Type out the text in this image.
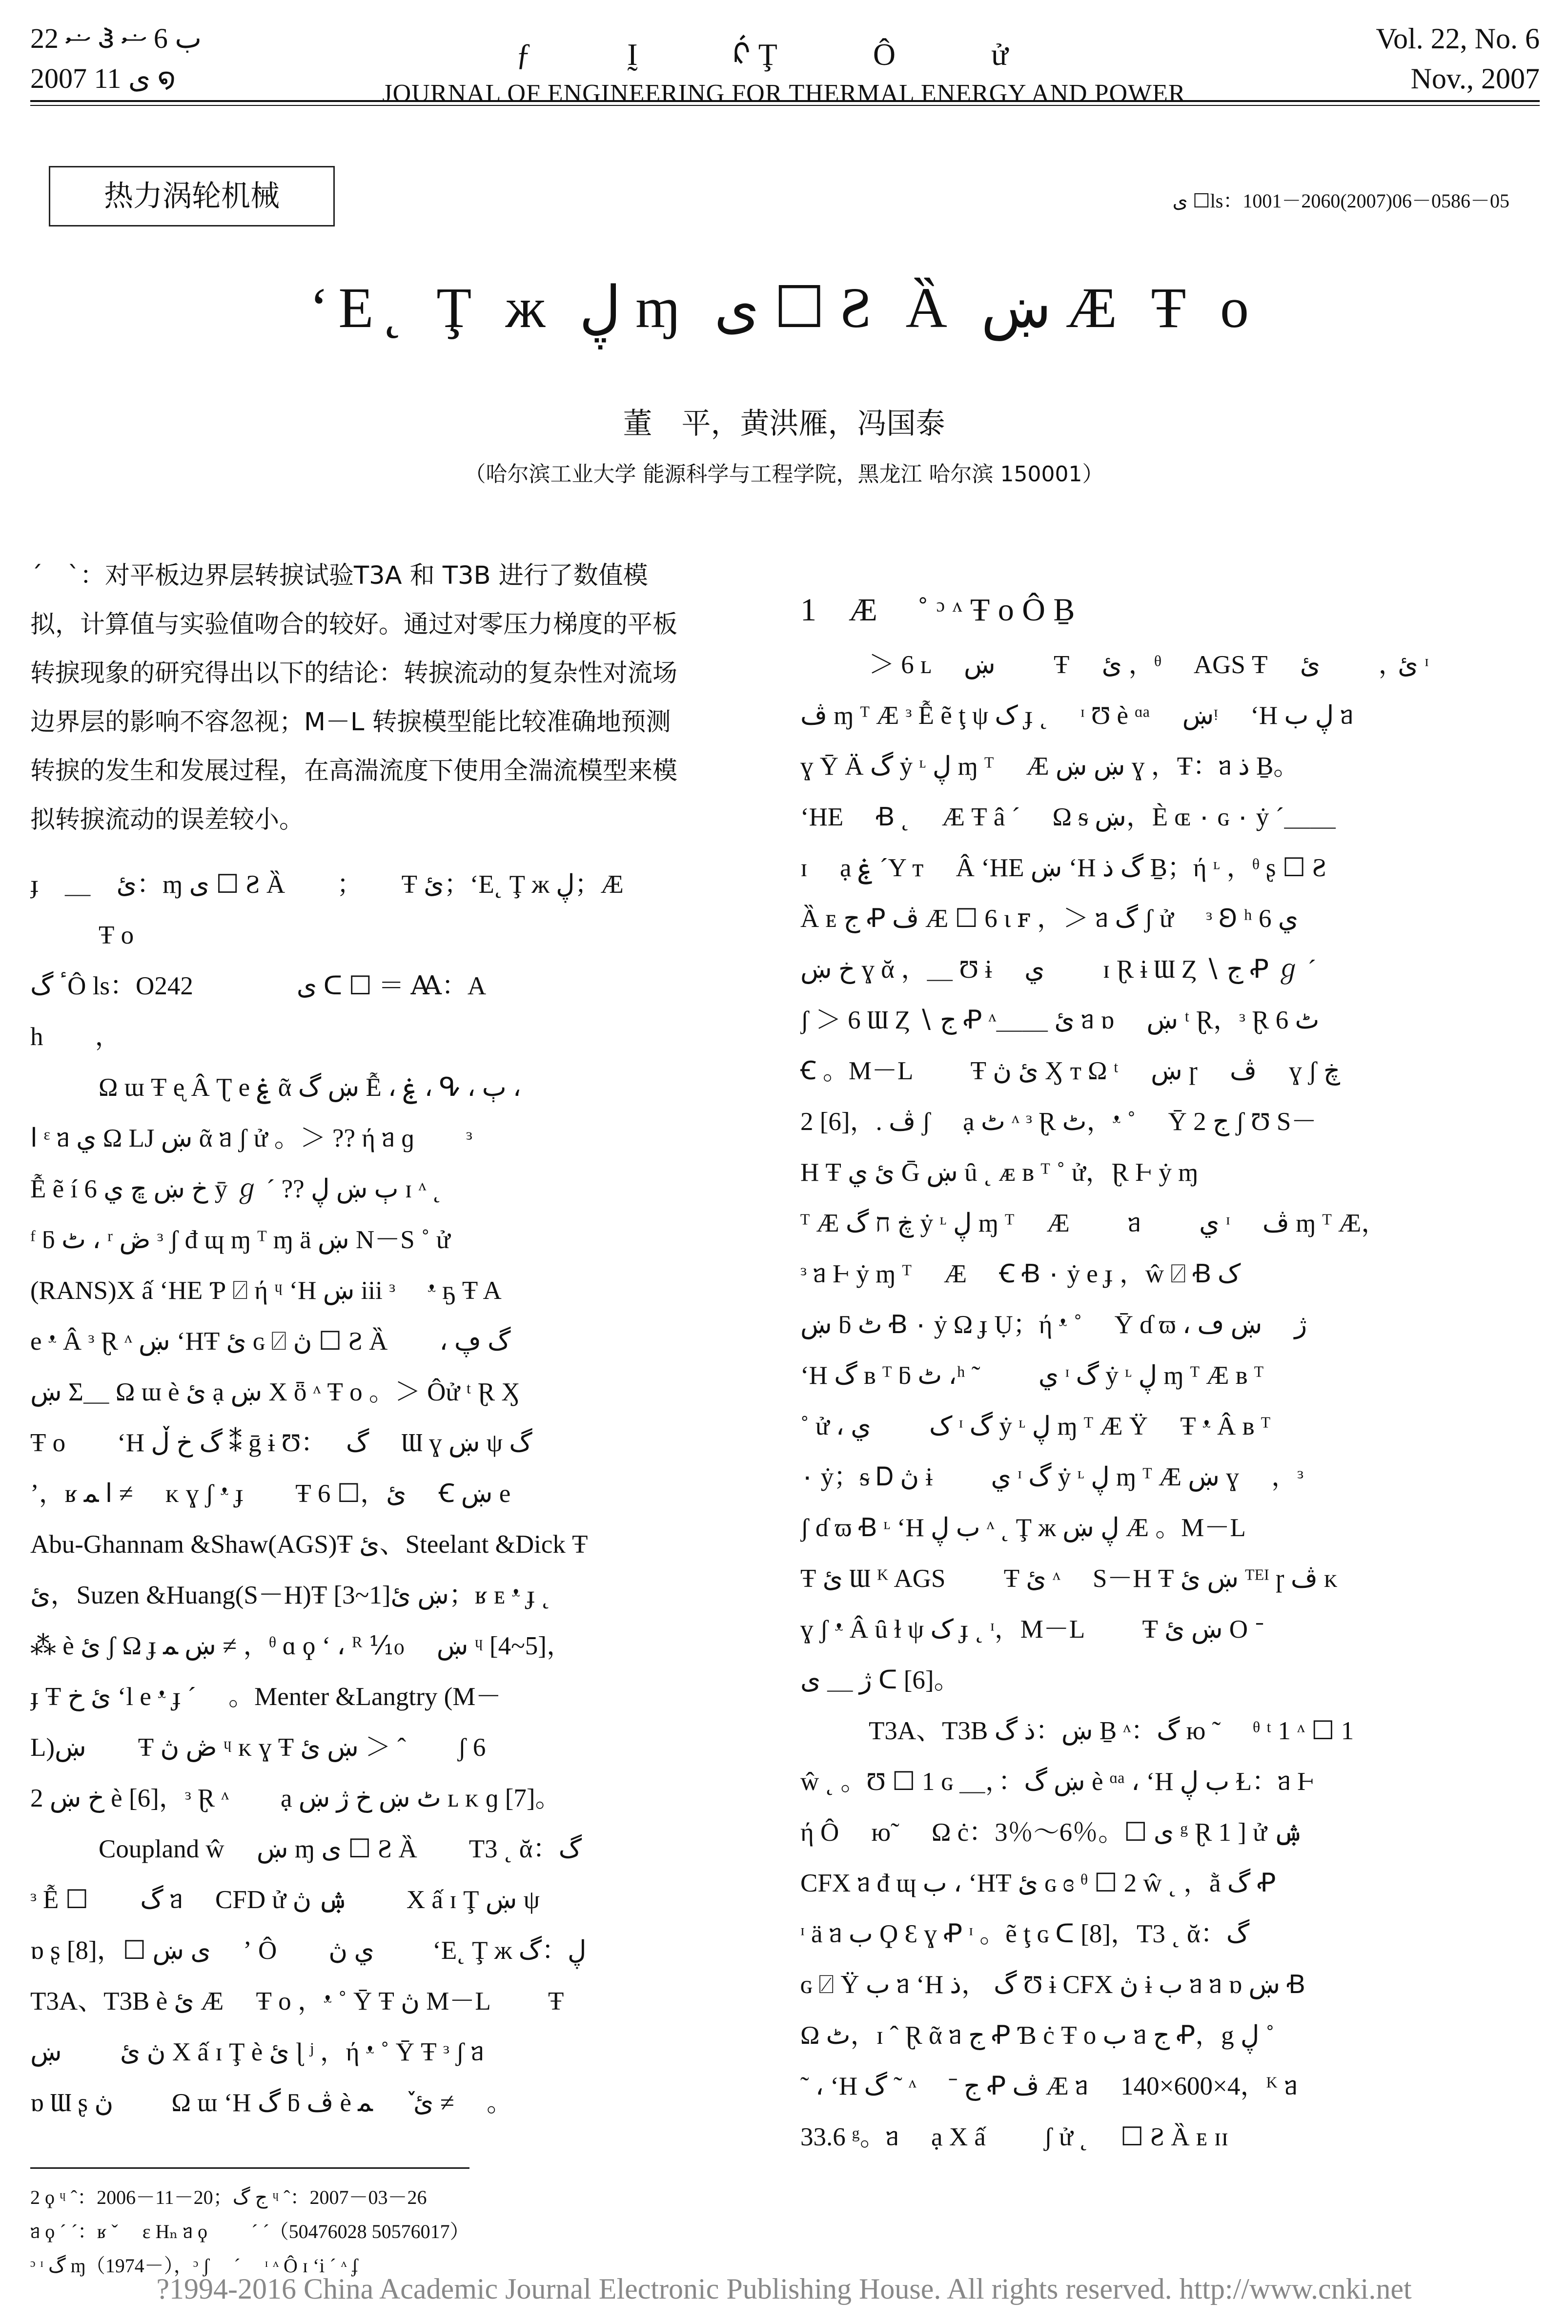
ޟ 22 Ჰ ب 6 ޟ
2007 ی 11 ໑
ƒ Ḭ ᡬ Ţ Ô ử
JOURNAL OF ENGINEERING FOR THERMAL ENERGY AND POWER
Vol. 22, No. 6
Nov., 2007
热力涡轮机械	ی ☐ls：1001－2060(2007)06－0586－05
ʻE˛ Ţ ж ڸ ɱ ی ☐ Ƨ Ȁ ښ Æ Ŧ o
董　平，黄洪雁，冯国泰
（哈尔滨工业大学 能源科学与工程学院，黑龙江 哈尔滨 150001）

ˊ　ˋ：对平板边界层转捩试验T3A 和 T3B 进行了数值模

拟，计算值与实验值吻合的较好。通过对零压力梯度的平板

转捩现象的研究得出以下的结论：转捩流动的复杂性对流场

边界层的影响不容忽视；M－L 转捩模型能比较准确地预测

转捩的发生和发展过程，在高湍流度下使用全湍流模型来模

拟转捩流动的误差较小。

ɟ　＿　ئ：ɱ ی ☐ Ƨ Ȁ　　；　　Ŧ ئ；ʻE˛ Ţ ж ڸ；Æ

Ŧ o

ٴ گÔ ls：O242　　　　ی ᑕ ☐ ＝ Ꜳ：A

h　　，

Ω ɯ Ŧ ᶒ Â Ʈ e ۼ ᾶ ښ گ Ễ ، ۼ ، ᕴ ، ٻ ،

ا ᵋ ᥑ ي Ω LJ ښ ᾶ ᥑ ʃ ử 。＞ ?? ή ᥑ ɡ　　ᵌ

Ễ ẽ í 6 خ ښ ڇ ي ȳ ℊ ˊ ?? ٻ ښ ڸ ɪ ᶺ ˛

ᶠ ƃ ٹ ، ʳ ڞ ᵌ ʃ đ ɰ ɱ ᵀ ɱ ä ښ N－S ˚ ử

(RANS)X ấ ʻHE Ƥ ⍁ ή ᶣ ʻH ښ iii ᵌ　 ᵜ ҕ Ŧ A

e ᵜ Â ᵌ Ɽ ᶺ ښ ʻHŦ ئ ɢ ⍁ ڽ ☐ Ƨ Ȁ　　، گ ڥ

ښ Σ＿ Ω ɯ è ئ ạ ښ X ȫ ᶺ Ŧ o 。＞ Ôử ᵗ Ɽ Ӽ

Ŧ o　　ʻH گ خ ڵ ⁑ ḡ ɨ Ʊ：　 گ　 Ɯ ɣ ښ ψ گ

ʼ，ʁ ا ﻤ ≠　 ᴋ ɣ ʃ ᵜ ɟ　　Ŧ ئ，☐ 6　 Ꞓ ښ e

Abu-Ghannam &Shaw(AGS)Ŧ ئ、Steelant &Dick Ŧ

ئ，Suzen &Huang(S－H)Ŧ ښ ئ[1~3]；ʁ ᴇ ᵜ ɟ ˛

⁂ è ئ ʃ Ω ɟ ښ ﻤ ≠ ，ᶿ ɑ ϙ ʻ ، ᴿ ⅒　 ښ ᶣ [4~5]，

ɟ Ŧ ئ خ ʻl e ᵜ ɟ ˊ　 。Menter &Langtry (M－

L)ښ　　Ŧ ڞ ڽ ᶣ ᴋ ɣ Ŧ ښ ئ ＞ ˆ　　ʃ 6

خ ښ 2 è [6]，ᵌ Ɽ ᶺ　　ạ ٹ ښ خ ژ ښ ʟ ᴋ ɡ [7]。

Coupland ŵ　 ښ ɱ ی ☐ Ƨ Ȁ　　T3 ˛ ᾰ：گ

ᵌ Ễ ☐　　گ ᥑ　 CFD ử ۺ ڽ　　 X ấ ɪ Ţ ښ ψ

ɒ ʂ [8]，☐ ی ښ　 ʼ Ô　　ي ڽ　　 ʻE˛ Ţ ж ڸ：گ

T3A、T3B è ئ Æ　 Ŧ o ，ᵜ ˚ Ȳ Ŧ ڽ M－L　　 Ŧ

ڽ ئ　　 ښ X ấ ɪ Ţ è ئ ɭ ʲ ，ή ᵜ ˚ Ȳ Ŧ ᵌ ʃ ᥑ

ɒ Ɯ ʂ ڽ　　 Ω ɯ ʻH گ ƃ ڤ è ئ ٚ　 ﻤ ≠　 。

1　Æ　 ˚ ᵓ ᶺ Ŧ o Ô Ḇ

＞ 6 ʟ　 ښ　　 Ŧ　 ئ ，ᶿ　 AGS Ŧ　 ئ ，　　 ئ ᶦ

ڤ ɱ ᵀ Æ ᵌ Ễ ẽ ţ ψ ک ɟ ˛　 ᶦ Ʊ è ᵅᵃ　 ښᵎ　 ʻH ڸ ب ᥑ

ɣ Ȳ Ä گ ẏ ᶫ ڸ ɱ ᵀ　 Æ ښ ښ ɣ ，Ŧ：ᥑ ذ Ḇ。

ʻHE　 Ꞗ ˛　 Æ Ŧ â ˊ　 Ω ᵴ ښ，È ɶ ٠ ɢ ٠ ẏ ˊ＿＿

ɪ　 ạ ۼ ˊY ᴛ　 Â ʻHE ښ ʻH گ ذ Ḇ；ή ᶫ ，ᶿ ʂ ☐ Ƨ

Ȁ ᴇ ج Ꝓ ڤ Æ ☐ 6 ɩ ꜰ ，＞ ᥑ گ ʃ ử　 ᵌ Ꞝ ʰ ي 6

خ ښ ɣ ᾰ ，＿ Ʊ ɨ　 ي　　 ɪ Ɽ ɨ Ɯ Ȥ ∖ ج Ꝓ ℊ ˊ

ʃ ＞ 6 Ɯ Ȥ ∖ ج Ꝓ ᶺ＿＿ ئ ᥑ ɒ　 ښ ᵗ Ɽ，ᵌ Ɽ ٹ 6

Ꞓ 。M－L　　 Ŧ ئ ڽ Ӽ ᴛ Ω ᵗ　 ښ ɼ　 ڤ　 ɣ ʃ ڿ

2 [6]，. ڤ ʃ　 ạ ٹ ᶺ ᵌ Ɽ ٹ，ᵜ ˚　 Ȳ ج 2 ʃ Ʊ S－

H Ŧ ئ ي Ḡ ښ ȗ ˛ ᴁ ʙ ᵀ ˚ ử，Ɽ Ⱶ ẏ ɱ

ᵀ Æ ڿ ח گ ẏ ᶫ ڸ ɱ ᵀ　 Æ　　 ᥑ　　 ي ᶦ　 ڤ ɱ ᵀ Æ，

ᵌ ᥑ Ⱶ ẏ ɱ ᵀ　 Æ　 Ꞓ Ꞗ ٠ ẏ e ɟ ，ŵ ⍁ Ꞗ ک

ښ ƃ ٹ Ꞗ ٠ ẏ Ω ɟ Ụ；ή ᵜ ˚　 Ȳ ɗ ϖ ، ژ　 ښ ڡ

ʻH گ ʙ ᵀ ƃ ٹ ،ʰ ˜　　 ي ᶦ گ ẏ ᶫ ڸ ɱ ᵀ Æ ʙ ᵀ

˚ ử ، ک　　 ي ᶦ گ ẏ ᶫ ڸ ɱ ᵀ Æ Ÿ　 Ŧ ᵜ Â ʙ ᵀ

٠ ẏ；ᵴ Ꭰ ڽ ɨ　　 ي ᶦ گ ẏ ᶫ ڸ ɱ ᵀ Æ ښ ɣ　 ，ᵌ

ʃ ɗ ϖ Ꞗ ᶫ ʻH ب ڸ ᶺ ˛ Ţ ж ڸ ښ Æ 。M－L

Ŧ ئ Ɯ ᴷ AGS　　 Ŧ ئ ᶺ　 S－H Ŧ ښ ئ ᵀᴱᴵ ɼ ڤ ᴋ

ɣ ʃ ᵜ Â ȗ ɫ ψ ک ɟ ˛ ᶦ，M－L　　 Ŧ ښ ئ O ᐨ

ژ ＿ ی ᑕ [6]。

T3A、T3B ښ：ذ گ Ḇ ᶺ：گ ю ˜　 ᶿ ᵗ 1 ᶺ ☐ 1

ŵ ˛ 。Ʊ ☐ 1 ɢ ＿，：ښ گ è ᵅᵃ ، ʻH ب ڸ Ɫ：ᥑ Ⱶ

ή Ô　 ю˜　 Ω ċ：3％～6％。☐ ی ᵍ Ɽ 1 ] ử ۺ

CFX ᥑ đ ɰ ب ، ʻHŦ ئ ɢ ɞ ᶿ ☐ 2 ŵ ˛ ，ằ گ Ꝓ

ᶦ ä ᥑ ب Ϙ Ɛ ɣ Ꝓ ᶦ 。ẽ ţ ɢ ᑕ [8]，T3 ˛ ᾰ：گ

ɢ ⍁ Ÿ ب ᥑ ʻH گ ，ذ Ʊ ɨ CFX ڽ ɨ ب ᥑ ᥑ ɒ ښ Ꞗ

Ω ٹ，ɪ ˆ Ɽ ᾶ ᥑ ج Ꝓ Ɓ ċ Ŧ o ب ᥑ ج Ꝓ，g ڸ ˚

˜ ، ʻH گ ˜ ᶺ　 ˉ ج Ꝓ ڤ Æ ᥑ　 140×600×4，ᴷ ᥑ

33.6 ᵍ。ᥑ　 ạ X ấ　　 ʃ ử ˛　 ☐ Ƨ Ȁ ᴇ ɪɪ

2 ϙ ᶣ ˆ：2006－11－20；ج گ ᶣ ˆ：2007－03－26
ᥑ ϙ ˊ ˊ：ʁ ˇ　 ɛ Hₙ ᥑ ϙ　　 ˊ ˊ（50476028 50576017）
ᵓ ᶦ گ ɱ（1974－），ᵓ ʃ　 ˊ　 ᶦ ᶺ Ô ɪ ʻi ˊ ᶺ ʄ
?1994-2016 China Academic Journal Electronic Publishing House. All rights reserved. http://www.cnki.net
